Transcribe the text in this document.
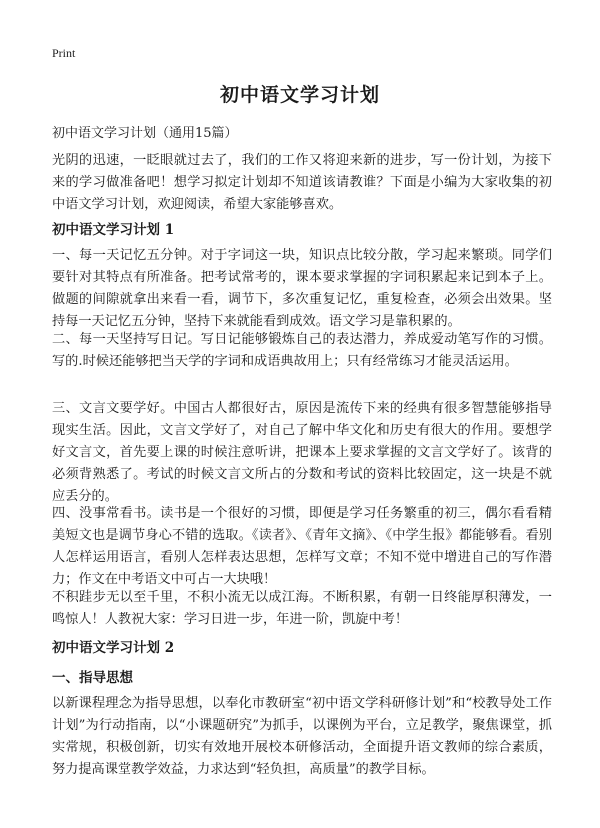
Print
初中语文学习计划
初中语文学习计划（通用15篇）

光阴的迅速，一眨眼就过去了，我们的工作又将迎来新的进步，写一份计划，为接下来的学习做准备吧！想学习拟定计划却不知道该请教谁？下面是小编为大家收集的初中语文学习计划，欢迎阅读，希望大家能够喜欢。

初中语文学习计划 1

一、每一天记忆五分钟。对于字词这一块，知识点比较分散，学习起来繁琐。同学们要针对其特点有所准备。把考试常考的，课本要求掌握的字词积累起来记到本子上。做题的间隙就拿出来看一看，调节下，多次重复记忆，重复检查，必须会出效果。坚持每一天记忆五分钟，坚持下来就能看到成效。语文学习是靠积累的。

二、每一天坚持写日记。写日记能够锻炼自己的表达潜力，养成爱动笔写作的习惯。写的.时候还能够把当天学的字词和成语典故用上；只有经常练习才能灵活运用。

三、文言文要学好。中国古人都很好古，原因是流传下来的经典有很多智慧能够指导现实生活。因此，文言文学好了，对自己了解中华文化和历史有很大的作用。要想学好文言文，首先要上课的时候注意听讲，把课本上要求掌握的文言文学好了。该背的必须背熟悉了。考试的时候文言文所占的分数和考试的资料比较固定，这一块是不就应丢分的。

四、没事常看书。读书是一个很好的习惯，即便是学习任务繁重的初三，偶尔看看精美短文也是调节身心不错的选取。《读者》、《青年文摘》、《中学生报》都能够看。看别人怎样运用语言，看别人怎样表达思想，怎样写文章；不知不觉中增进自己的写作潜力；作文在中考语文中可占一大块哦！

不积跬步无以至千里，不积小流无以成江海。不断积累，有朝一日终能厚积薄发，一鸣惊人！人教祝大家：学习日进一步，年进一阶，凯旋中考！

初中语文学习计划 2
一、指导思想

以新课程理念为指导思想，以奉化市教研室“初中语文学科研修计划”和“校教导处工作计划”为行动指南，以“小课题研究”为抓手，以课例为平台，立足教学，聚焦课堂，抓实常规，积极创新，切实有效地开展校本研修活动，全面提升语文教师的综合素质，努力提高课堂教学效益，力求达到“轻负担，高质量”的教学目标。
